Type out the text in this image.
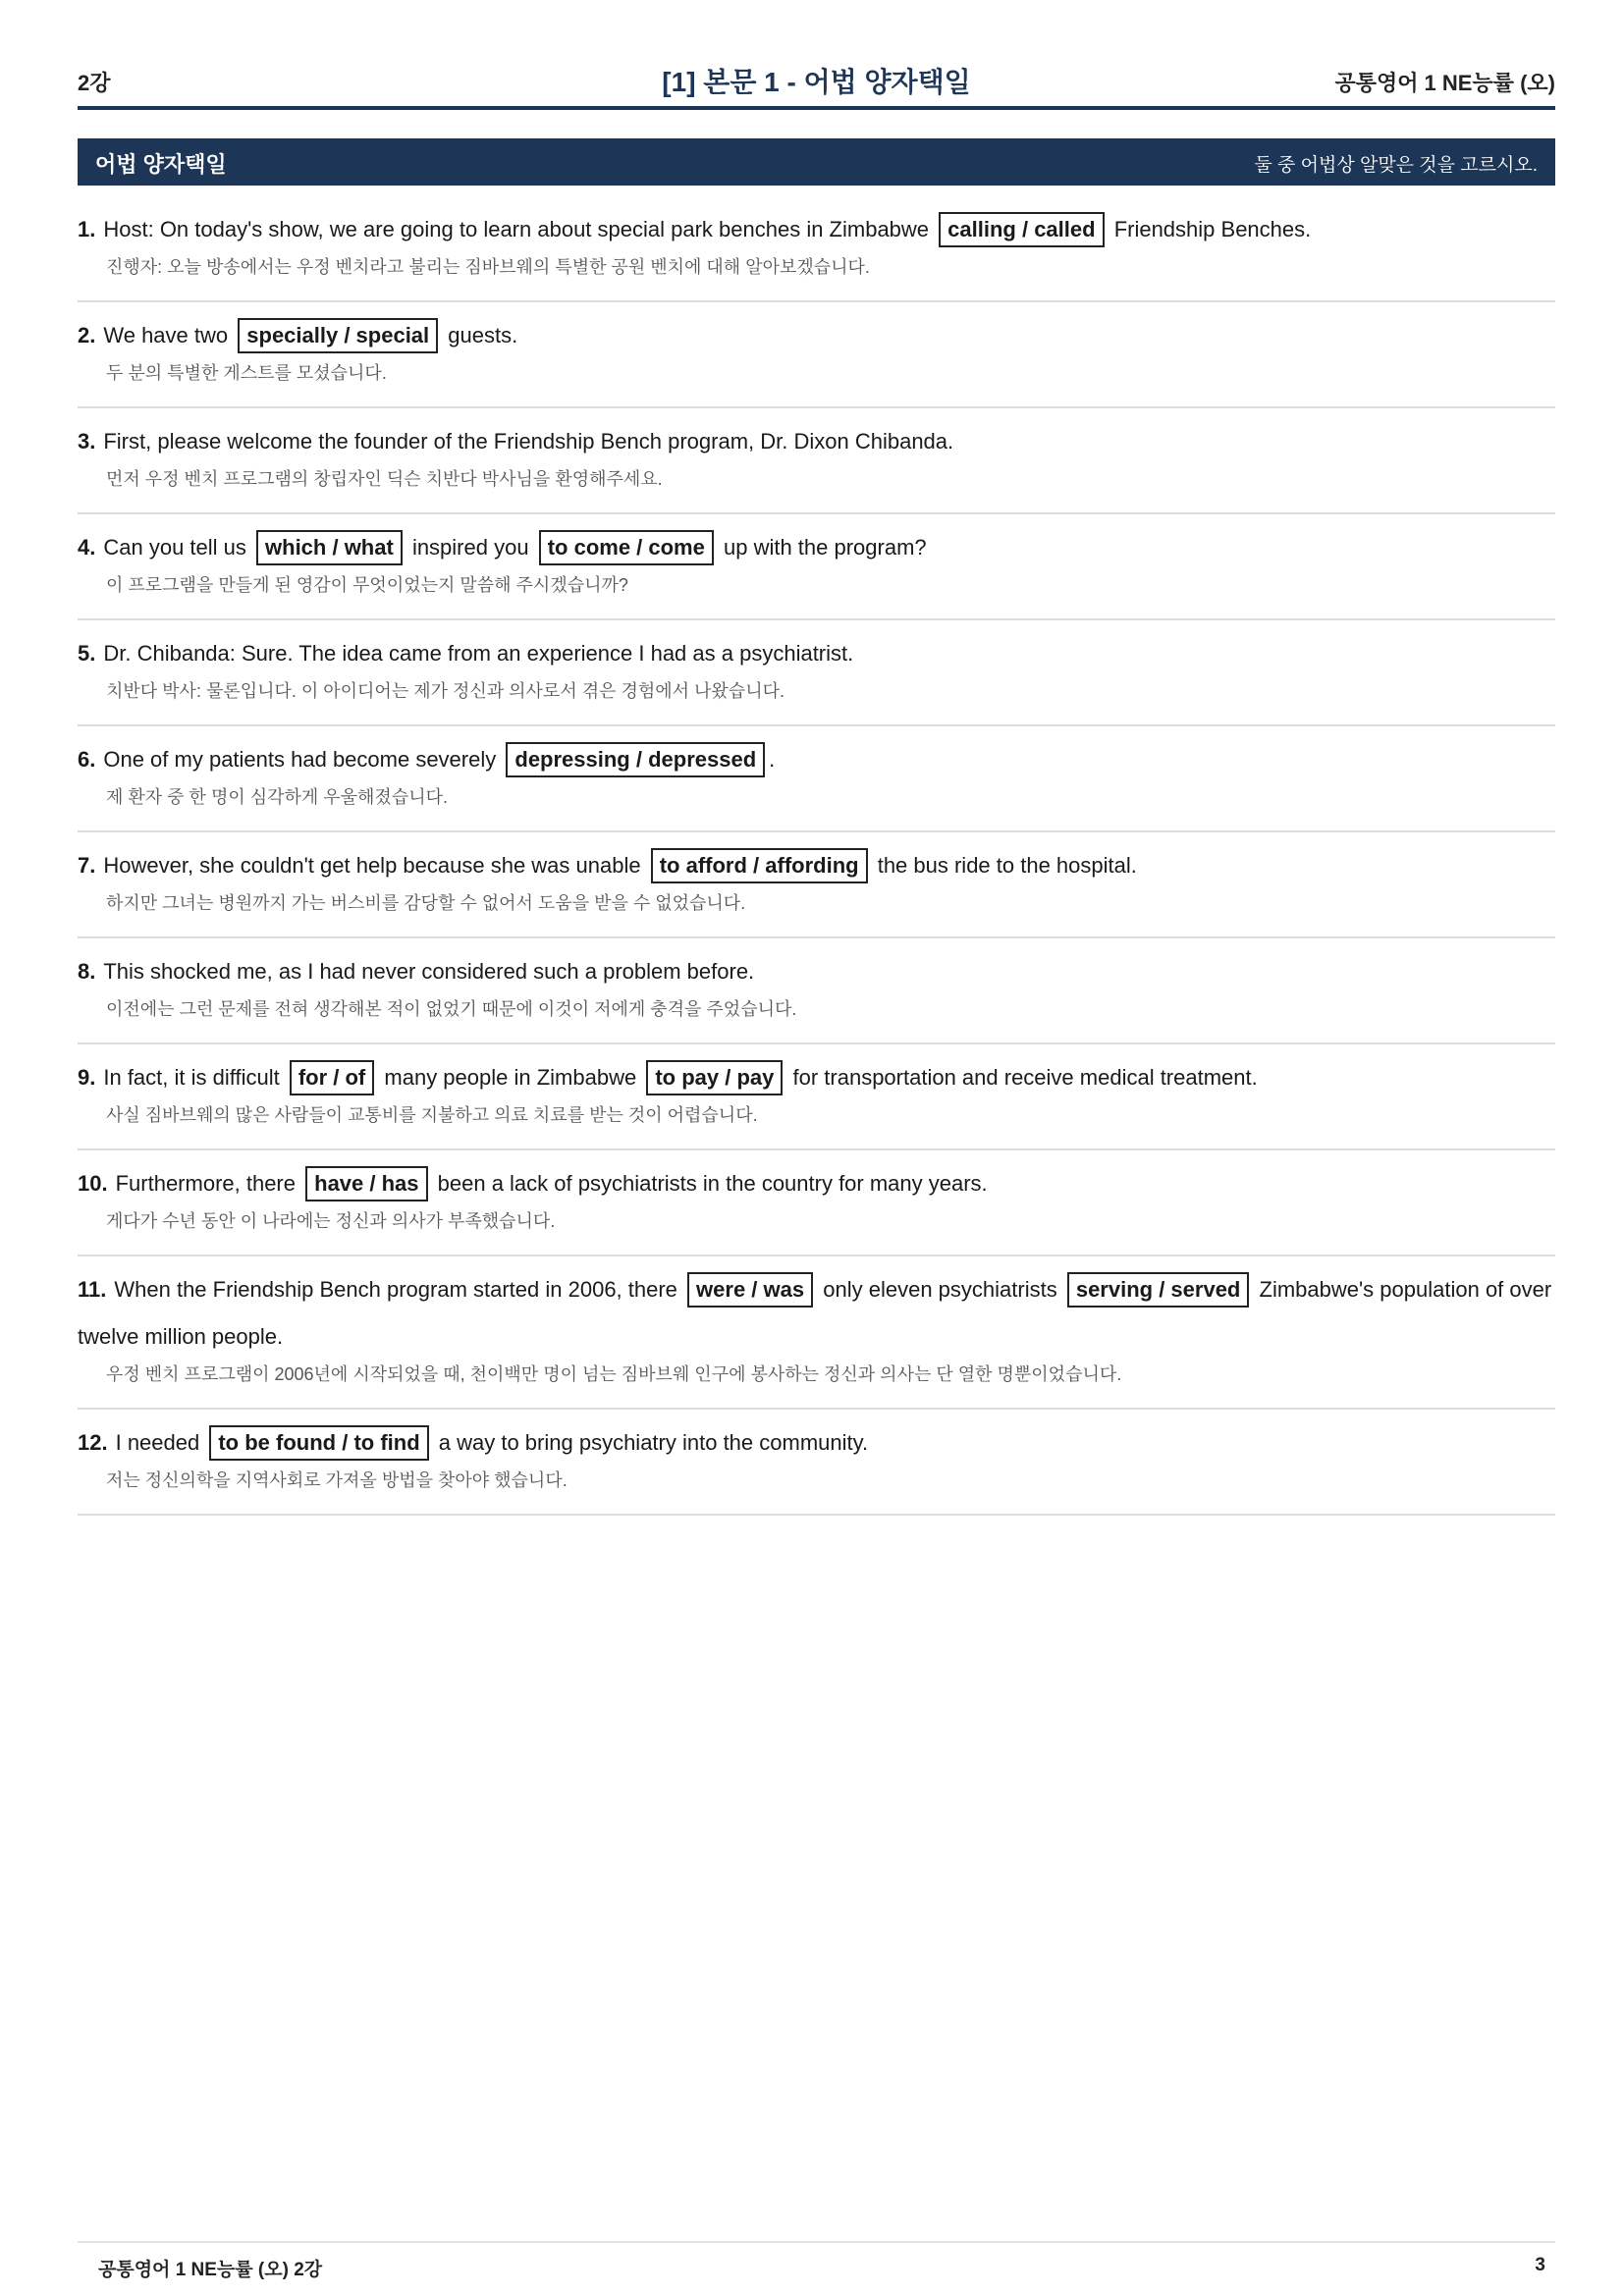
2강	[1] 본문 1 - 어법 양자택일	공통영어 1 NE능률 (오)
어법 양자택일	둘 중 어법상 알맞은 것을 고르시오.
1. Host: On today's show, we are going to learn about special park benches in Zimbabwe calling / called Friendship Benches.
진행자: 오늘 방송에서는 우정 벤치라고 불리는 짐바브웨의 특별한 공원 벤치에 대해 알아보겠습니다.
2. We have two specially / special guests.
두 분의 특별한 게스트를 모셨습니다.
3. First, please welcome the founder of the Friendship Bench program, Dr. Dixon Chibanda.
먼저 우정 벤치 프로그램의 창립자인 딕슨 치반다 박사님을 환영해주세요.
4. Can you tell us which / what inspired you to come / come up with the program?
이 프로그램을 만들게 된 영감이 무엇이었는지 말씀해 주시겠습니까?
5. Dr. Chibanda: Sure. The idea came from an experience I had as a psychiatrist.
치반다 박사: 물론입니다. 이 아이디어는 제가 정신과 의사로서 겪은 경험에서 나왔습니다.
6. One of my patients had become severely depressing / depressed .
제 환자 중 한 명이 심각하게 우울해졌습니다.
7. However, she couldn't get help because she was unable to afford / affording the bus ride to the hospital.
하지만 그녀는 병원까지 가는 버스비를 감당할 수 없어서 도움을 받을 수 없었습니다.
8. This shocked me, as I had never considered such a problem before.
이전에는 그런 문제를 전혀 생각해본 적이 없었기 때문에 이것이 저에게 충격을 주었습니다.
9. In fact, it is difficult for / of many people in Zimbabwe to pay / pay for transportation and receive medical treatment.
사실 짐바브웨의 많은 사람들이 교통비를 지불하고 의료 치료를 받는 것이 어렵습니다.
10. Furthermore, there have / has been a lack of psychiatrists in the country for many years.
게다가 수년 동안 이 나라에는 정신과 의사가 부족했습니다.
11. When the Friendship Bench program started in 2006, there were / was only eleven psychiatrists serving / served Zimbabwe's population of over twelve million people.
우정 벤치 프로그램이 2006년에 시작되었을 때, 천이백만 명이 넘는 짐바브웨 인구에 봉사하는 정신과 의사는 단 열한 명뿐이었습니다.
12. I needed to be found / to find a way to bring psychiatry into the community.
저는 정신의학을 지역사회로 가져올 방법을 찾아야 했습니다.
공통영어 1 NE능률 (오) 2강	3
